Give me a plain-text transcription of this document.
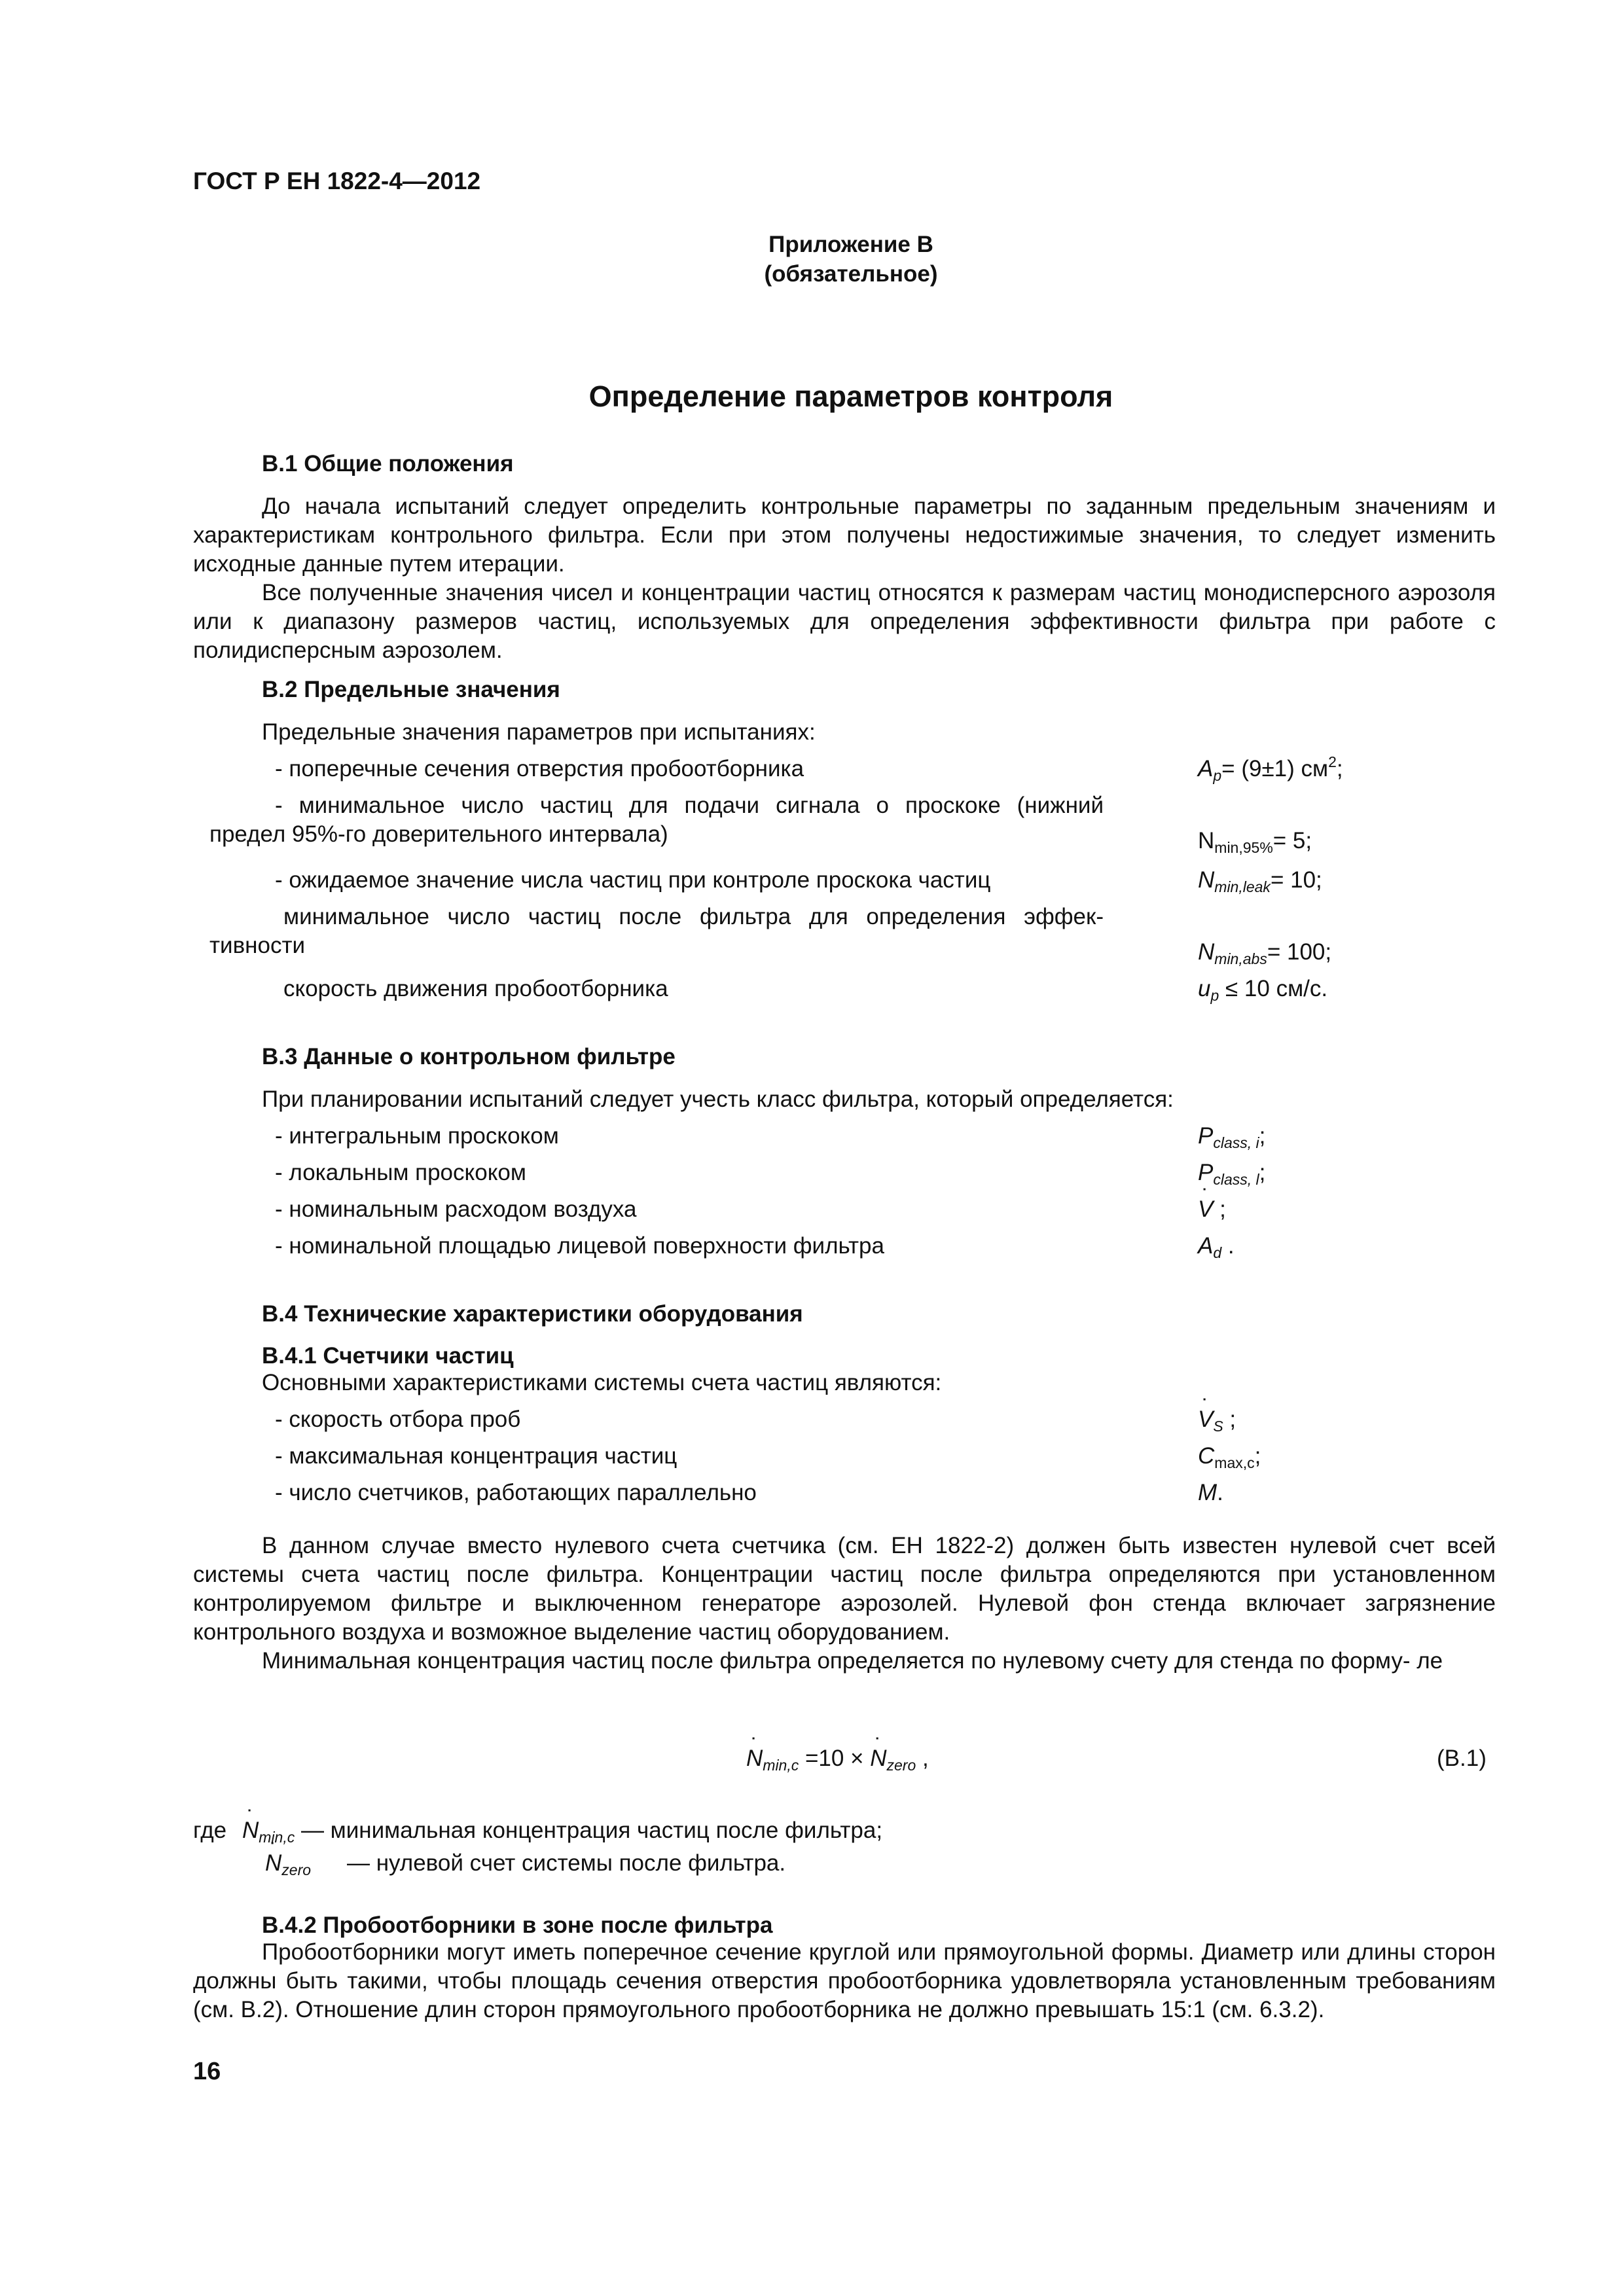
ГОСТ Р ЕН 1822-4—2012
Приложение В
(обязательное)
Определение параметров контроля
В.1 Общие положения
До начала испытаний следует определить контрольные параметры по заданным предельным значениям и характеристикам контрольного фильтра. Если при этом получены недостижимые значения, то следует изменить исходные данные путем итерации.
Все полученные значения чисел и концентрации частиц относятся к размерам частиц монодисперсного аэрозоля или к диапазону размеров частиц, используемых для определения эффективности фильтра при работе с полидисперсным аэрозолем.
В.2 Предельные значения
Предельные значения параметров при испытаниях:
- поперечные сечения отверстия пробоотборника	$A_p= (9\pm 1)$ $см^2$;
- минимальное число частиц для подачи сигнала о проскоке (нижний
предел 95%-го доверительного интервала)	$N_{min,95\%}= 5$;
- ожидаемое значение числа частиц при контроле проскока частиц	$N_{min,leak}= 10$;
минимальное число частиц после фильтра для определения эффек-
тивности	$N_{min,abs}= 100$;
скорость движения пробоотборника	$u_p \le 10$ см/с.
В.3 Данные о контрольном фильтре
При планировании испытаний следует учесть класс фильтра, который определяется:
- интегральным проскоком	$P_{class, i}$;
- локальным проскоком	$P_{class, l}$;
- номинальным расходом воздуха	˙ V ;
- номинальной площадью лицевой поверхности фильтра	$A_d$ .
В.4 Технические характеристики оборудования
В.4.1 Счетчики частиц
Основными характеристиками системы счета частиц являются:
- скорость отбора проб	˙ $V_S$ ;
- максимальная концентрация частиц	$C_{max,c}$;
- число счетчиков, работающих параллельно	M.
В данном случае вместо нулевого счета счетчика (см. ЕН 1822-2) должен быть известен нулевой счет всей системы счета частиц после фильтра. Концентрации частиц после фильтра определяются при установленном контролируемом фильтре и выключенном генераторе аэрозолей. Нулевой фон стенда включает загрязнение контрольного воздуха и возможное выделение частиц оборудованием.
Минимальная концентрация частиц после фильтра определяется по нулевому счету для стенда по форму- ле
˙ $N_{min,c} =10$ × ˙ $N_{zero}$ ,	(В.1)
где ˙ $N_{min,c}$ — минимальная концентрация частиц после фильтра;
˙ $N_{zero}$ — нулевой счет системы после фильтра.
В.4.2 Пробоотборники в зоне после фильтра
Пробоотборники могут иметь поперечное сечение круглой или прямоугольной формы. Диаметр или длины сторон должны быть такими, чтобы площадь сечения отверстия пробоотборника удовлетворяла установленным требованиям (см. В.2). Отношение длин сторон прямоугольного пробоотборника не должно превышать 15:1 (см. 6.3.2).
16
